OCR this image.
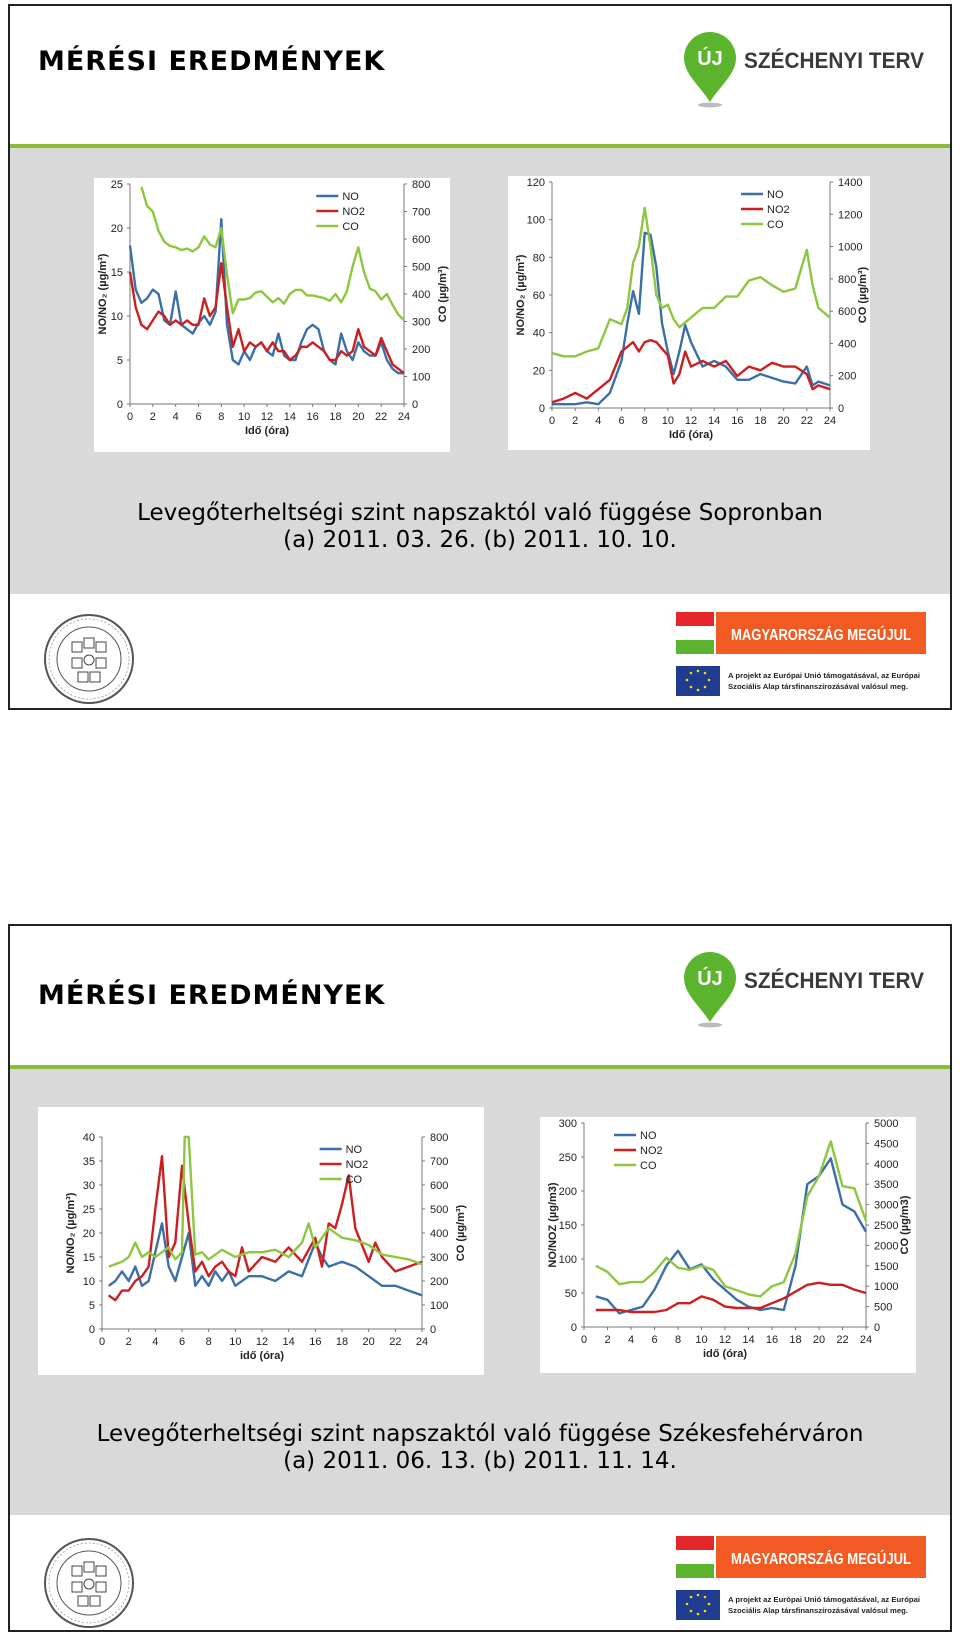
MÉRÉSI EREDMÉNYEK	ÚJ SZÉCHENYI TERV
0
5
10
15
20
25
0
100
200
300
400
500
600
700
800
0 2 4 6 8 10 12 14 16 18 20 22 24
Idő (óra)
NO/NO₂ (µg/m³)	CO (µg/m³)
NO
NO2
CO
0
20
40
60
80
100
120
0
200
400
600
800
1000
1200
1400
0 2 4 6 8 10 12 14 16 18 20 22 24
Idő (óra)
NO/NO₂ (µg/m³)	CO (µg/m³)
NO
NO2
CO
Levegőterheltségi szint napszaktól való függése Sopronban
(a) 2011. 03. 26. (b) 2011. 10. 10.
MAGYARORSZÁG MEGÚJUL
A projekt az Európai Unió támogatásával, az Európai
Szociális Alap társfinanszírozásával valósul meg.
MÉRÉSI EREDMÉNYEK
ÚJ SZÉCHENYI TERV
0
5
10
15
20
25
30
35
40
0
100
200
300
400
500
600
700
800
0 2 4 6 8 10 12 14 16 18 20 22 24
idő (óra)
NO/NO₂ (µg/m³)	CO (µg/m³)
NO
NO2
CO
0
50
100
150
200
250
300
0
500
1000
1500
2000
2500
3000
3500
4000
4500
5000
0 2 4 6 8 10 12 14 16 18 20 22 24
idő (óra)
NO/NOZ (µg/m3)	CO (µg/m3)
NO
NO2
CO
Levegőterheltségi szint napszaktól való függése Székesfehérváron
(a) 2011. 06. 13. (b) 2011. 11. 14.
MAGYARORSZÁG MEGÚJUL
A projekt az Európai Unió támogatásával, az Európai
Szociális Alap társfinanszírozásával valósul meg.
